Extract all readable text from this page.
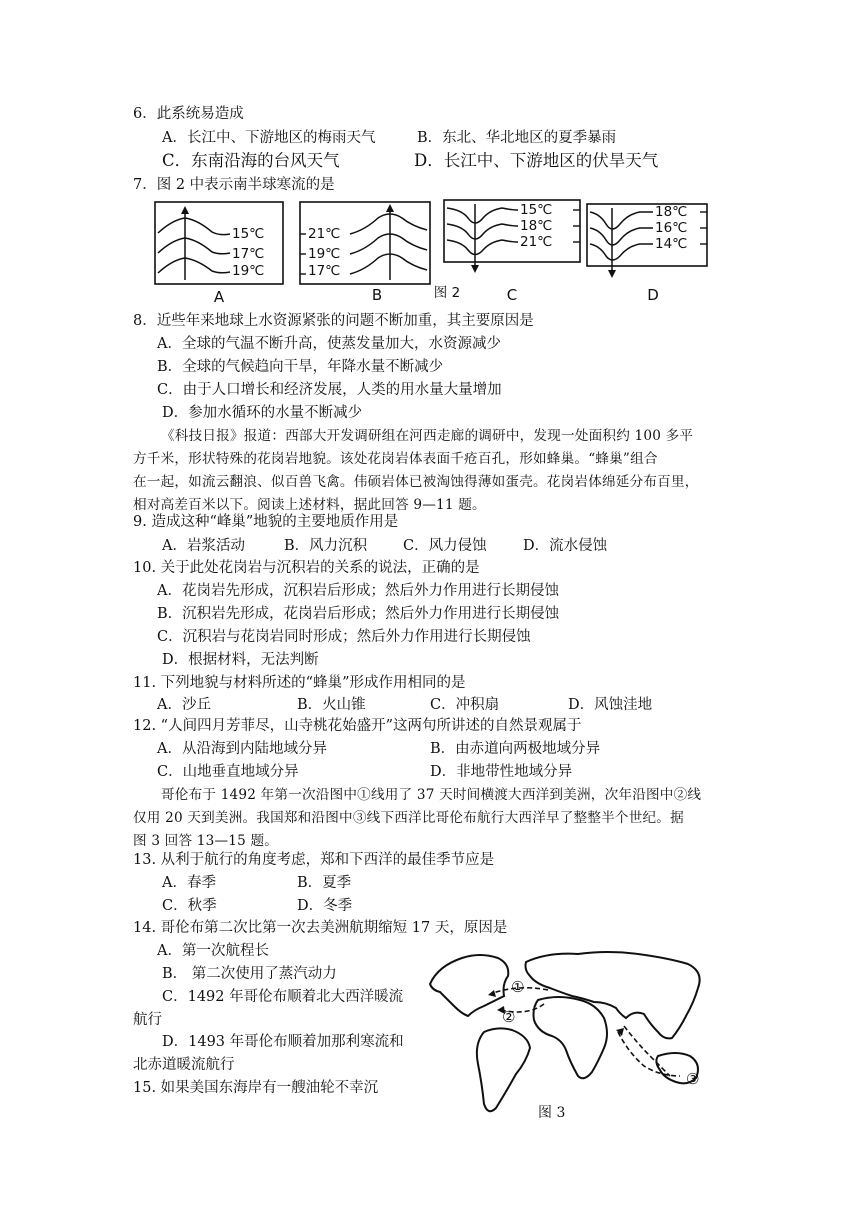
6．此系统易造成
A．长江中、下游地区的梅雨天气	B．东北、华北地区的夏季暴雨
C．东南沿海的台风天气	D．长江中、下游地区的伏旱天气
7．图 2 中表示南半球寒流的是
15℃
17℃
19℃
21℃
19℃
17℃
15℃
18℃
21℃
18℃
16℃
14℃
A	B	图 2	C	D
8．近些年来地球上水资源紧张的问题不断加重，其主要原因是
A．全球的气温不断升高，使蒸发量加大，水资源减少
B．全球的气候趋向干旱，年降水量不断减少
C．由于人口增长和经济发展，人类的用水量大量增加
D．参加水循环的水量不断减少
《科技日报》报道：西部大开发调研组在河西走廊的调研中，发现一处面积约 100 多平
方千米，形状特殊的花岗岩地貌。该处花岗岩体表面千疮百孔，形如蜂巢。“蜂巢”组合
在一起，如流云翻浪、似百兽飞禽。伟硕岩体已被淘蚀得薄如蛋壳。花岗岩体绵延分布百里，
相对高差百米以下。阅读上述材料，据此回答 9—11 题。
9. 造成这种“峰巢”地貌的主要地质作用是
A．岩浆活动	B．风力沉积 C．风力侵蚀	D．流水侵蚀
10. 关于此处花岗岩与沉积岩的关系的说法，正确的是
A．花岗岩先形成，沉积岩后形成；然后外力作用进行长期侵蚀
B．沉积岩先形成，花岗岩后形成；然后外力作用进行长期侵蚀
C．沉积岩与花岗岩同时形成；然后外力作用进行长期侵蚀
D．根据材料，无法判断
11. 下列地貌与材料所述的“蜂巢”形成作用相同的是
A．沙丘	B．火山锥	C．冲积扇	D．风蚀洼地
12. “人间四月芳菲尽，山寺桃花始盛开”这两句所讲述的自然景观属于
A．从沿海到内陆地域分异	B．由赤道向两极地域分异
C．山地垂直地域分异	D．非地带性地域分异
哥伦布于 1492 年第一次沿图中①线用了 37 天时间横渡大西洋到美洲，次年沿图中②线
仅用 20 天到美洲。我国郑和沿图中③线下西洋比哥伦布航行大西洋早了整整半个世纪。据
图 3 回答 13—15 题。
13. 从利于航行的角度考虑，郑和下西洋的最佳季节应是
A．春季	B．夏季
C．秋季	D．冬季
14. 哥伦布第二次比第一次去美洲航期缩短 17 天，原因是
A．第一次航程长
B． 第二次使用了蒸汽动力
C．1492 年哥伦布顺着北大西洋暖流
航行
D．1493 年哥伦布顺着加那利寒流和
北赤道暖流航行
15. 如果美国东海岸有一艘油轮不幸沉
①
②
③
图 3
